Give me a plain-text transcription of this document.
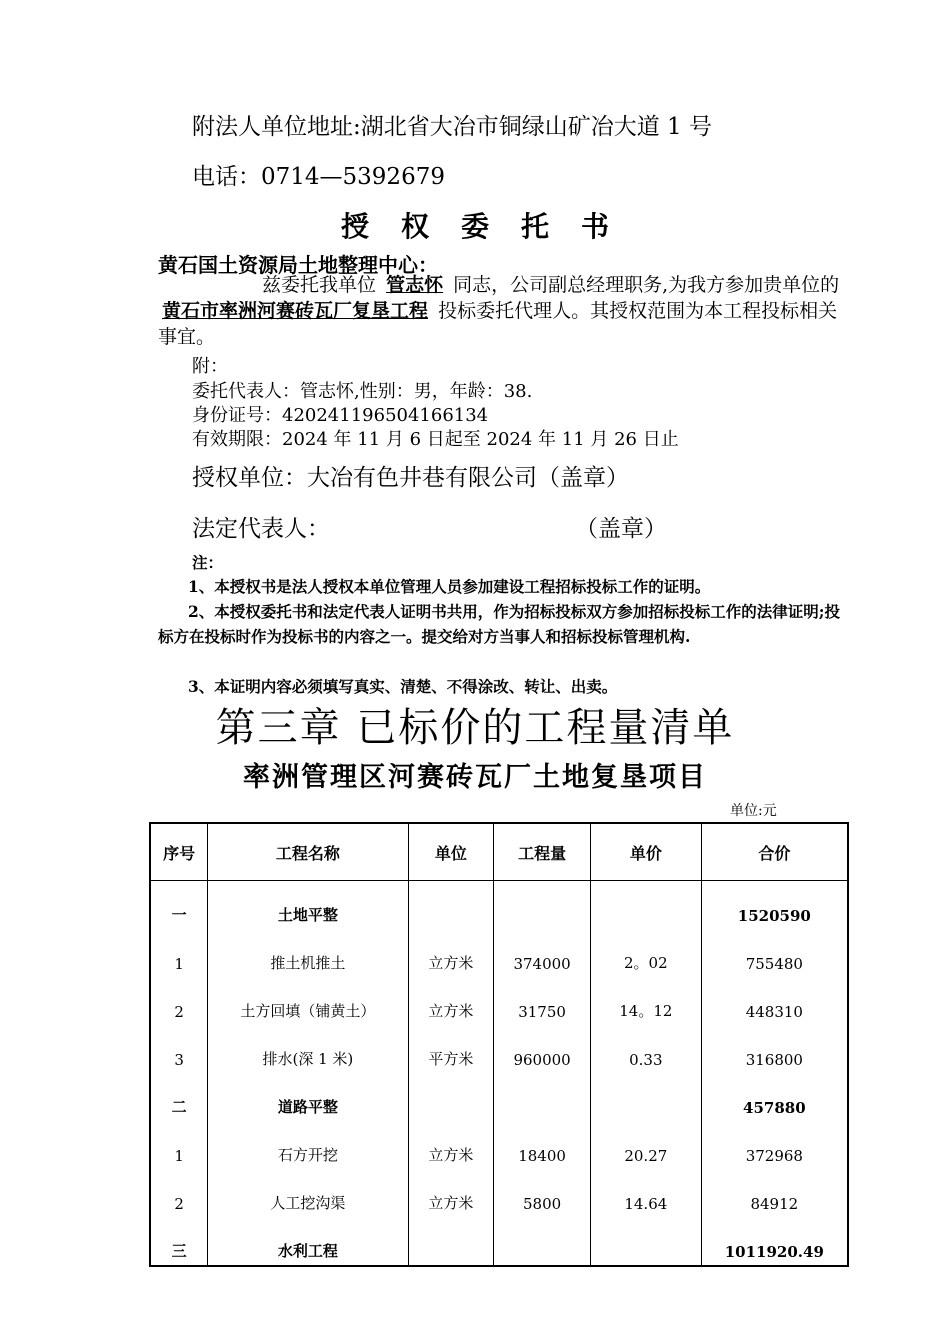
附法人单位地址:湖北省大冶市铜绿山矿冶大道 1 号
电话：0714—5392679
授权委托书
黄石国土资源局土地整理中心：
兹委托我单位 管志怀 同志，公司副总经理职务,为我方参加贵单位的黄石市率洲河赛砖瓦厂复垦工程 投标委托代理人。其授权范围为本工程投标相关事宜。
附：
委托代表人：管志怀,性别：男，年龄：38.
身份证号：420241196504166134
有效期限：2024 年 11 月 6 日起至 2024 年 11 月 26 日止
授权单位：大冶有色井巷有限公司（盖章）
法定代表人：	（盖章）
注：
1、本授权书是法人授权本单位管理人员参加建设工程招标投标工作的证明。
2、本授权委托书和法定代表人证明书共用，作为招标投标双方参加招标投标工作的法律证明;投标方在投标时作为投标书的内容之一。提交给对方当事人和招标投标管理机构.
3、本证明内容必须填写真实、清楚、不得涂改、转让、出卖。
第三章 已标价的工程量清单
率洲管理区河赛砖瓦厂土地复垦项目
单位:元
序号	工程名称	单位	工程量	单价	合价
一	土地平整				1520590
1	推土机推土	立方米	374000	2。02	755480
2	土方回填（铺黄土）	立方米	31750	14。12	448310
3	排水(深 1 米)	平方米	960000	0.33	316800
二	道路平整				457880
1	石方开挖	立方米	18400	20.27	372968
2	人工挖沟渠	立方米	5800	14.64	84912
三	水利工程				1011920.49
